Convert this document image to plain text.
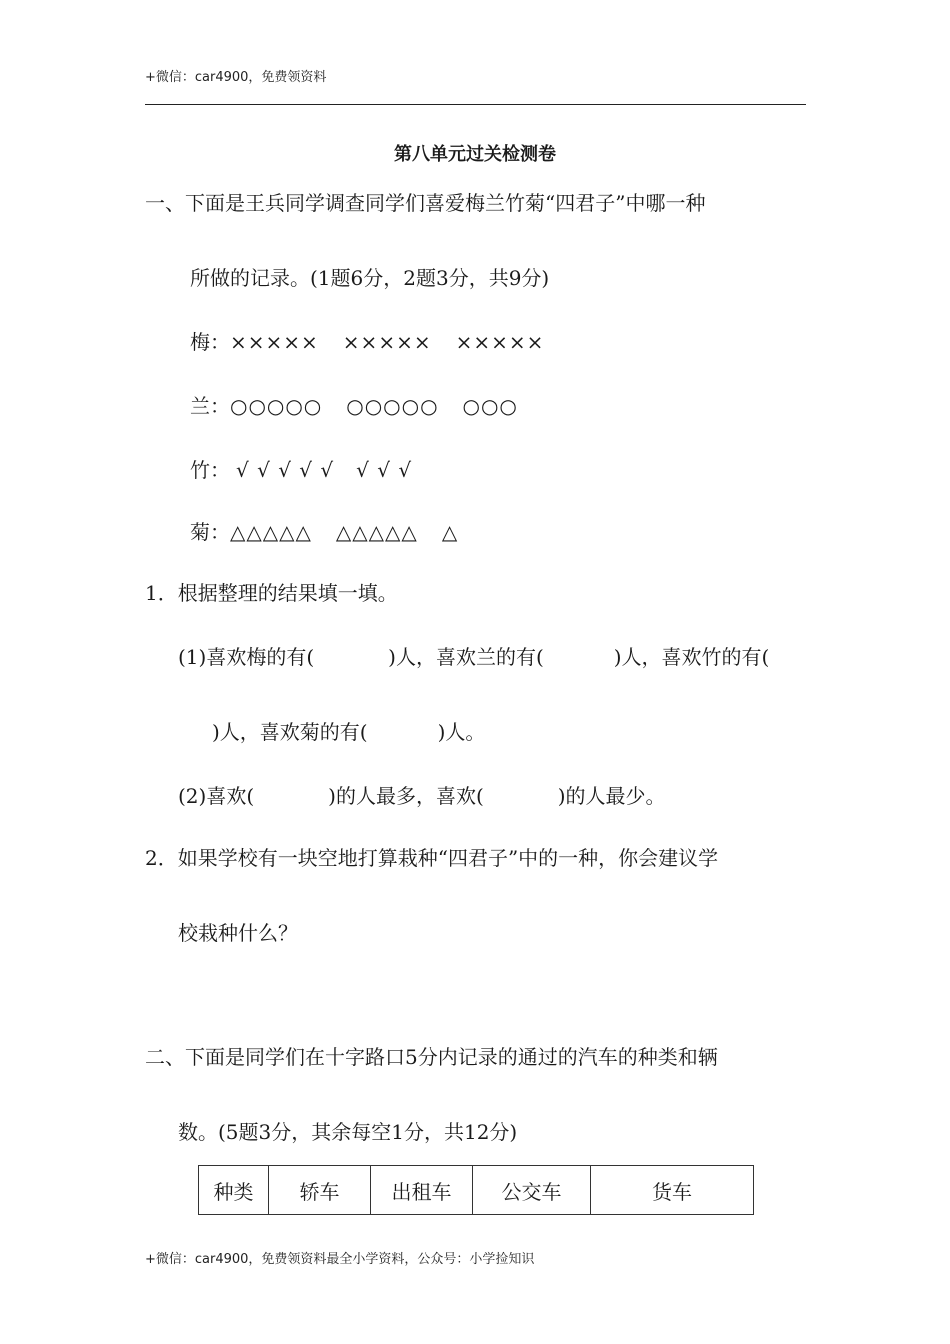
+微信：car4900，免费领资料
第八单元过关检测卷
一、下面是王兵同学调查同学们喜爱梅兰竹菊“四君子”中哪一种
所做的记录。(1题6分，2题3分，共9分)
梅：××××× ××××× ×××××
兰：○○○○○ ○○○○○ ○○○
竹： √ √ √ √ √ √ √ √
菊：△△△△△ △△△△△ △
1．根据整理的结果填一填。
(1)喜欢梅的有(	)人，喜欢兰的有(	)人，喜欢竹的有(
)人，喜欢菊的有(	)人。
(2)喜欢(	)的人最多，喜欢(	)的人最少。
2．如果学校有一块空地打算栽种“四君子”中的一种，你会建议学
校栽种什么？
二、下面是同学们在十字路口5分内记录的通过的汽车的种类和辆
数。(5题3分，其余每空1分，共12分)
种类	轿车	出租车	公交车	货车
+微信：car4900，免费领资料最全小学资料，公众号：小学捡知识
